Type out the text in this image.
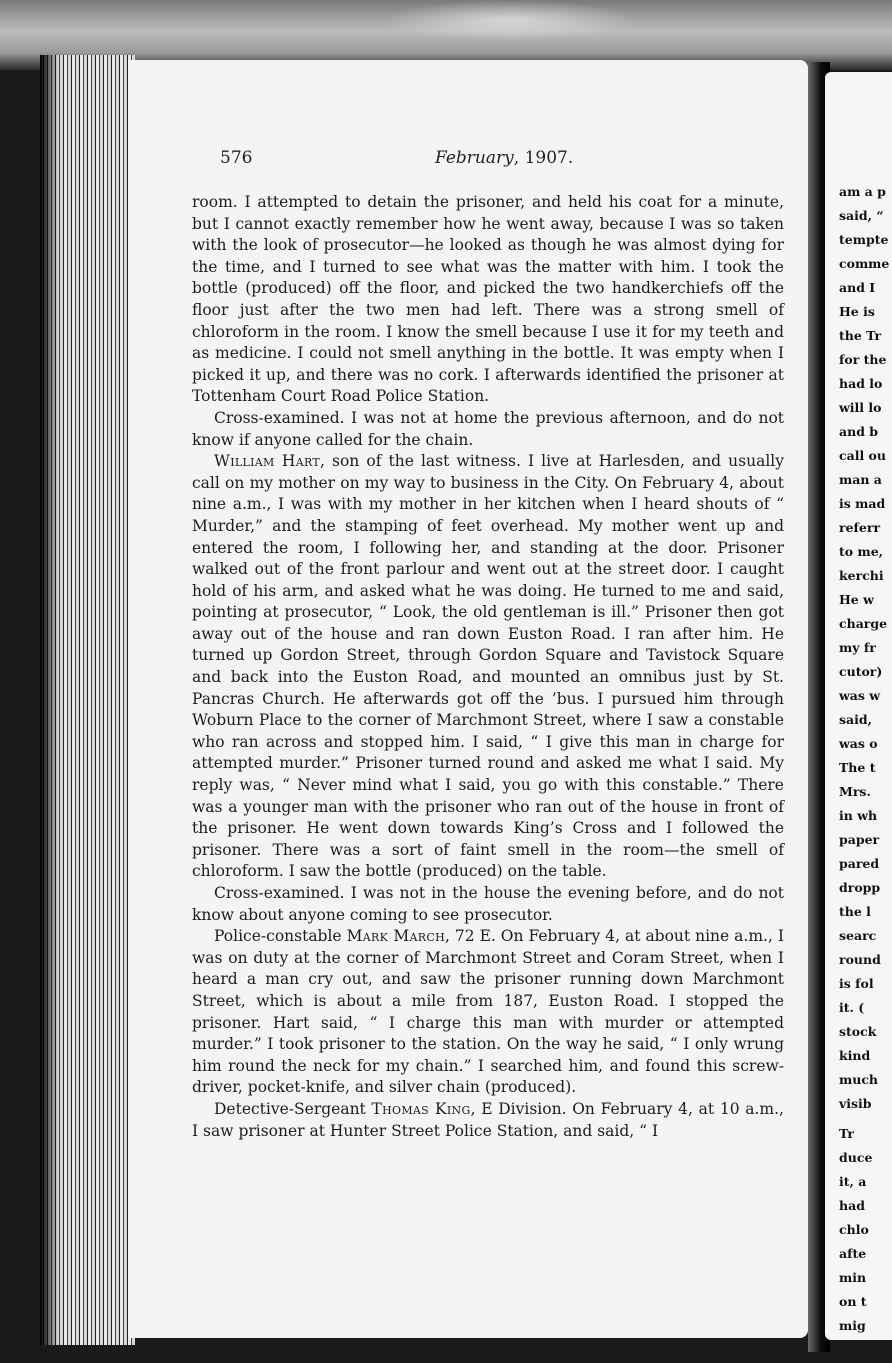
am a p
said, “
tempte
comme
and I
He is
the Tr
for the
had lo
will lo
and b
call ou
man a
is mad
referr
to me,
kerchi
He w
charge
my fr
cutor)
was w
said,
was o
The t
Mrs.
in wh
paper
pared
dropp
the l
searc
round
is fol
it. (
stock
kind
much
visib
Tr
duce
it, a
had
chlo
afte
min
on t
mig
576	February, 1907.

room. I attempted to detain the prisoner, and held his coat for a minute, but I cannot exactly remember how he went away, because I was so taken with the look of prosecutor—he looked as though he was almost dying for the time, and I turned to see what was the matter with him. I took the bottle (produced) off the floor, and picked the two handkerchiefs off the floor just after the two men had left. There was a strong smell of chloroform in the room. I know the smell because I use it for my teeth and as medicine. I could not smell anything in the bottle. It was empty when I picked it up, and there was no cork. I afterwards identified the prisoner at Tottenham Court Road Police Station.

Cross-examined. I was not at home the previous afternoon, and do not know if anyone called for the chain.

William Hart, son of the last witness. I live at Harlesden, and usually call on my mother on my way to business in the City. On February 4, about nine a.m., I was with my mother in her kitchen when I heard shouts of “ Murder,” and the stamping of feet overhead. My mother went up and entered the room, I following her, and standing at the door. Prisoner walked out of the front parlour and went out at the street door. I caught hold of his arm, and asked what he was doing. He turned to me and said, pointing at prosecutor, “ Look, the old gentleman is ill.” Prisoner then got away out of the house and ran down Euston Road. I ran after him. He turned up Gordon Street, through Gordon Square and Tavistock Square and back into the Euston Road, and mounted an omnibus just by St. Pancras Church. He afterwards got off the ’bus. I pursued him through Woburn Place to the corner of Marchmont Street, where I saw a constable who ran across and stopped him. I said, “ I give this man in charge for attempted murder.” Prisoner turned round and asked me what I said. My reply was, “ Never mind what I said, you go with this constable.” There was a younger man with the prisoner who ran out of the house in front of the prisoner. He went down towards King’s Cross and I followed the prisoner. There was a sort of faint smell in the room—the smell of chloroform. I saw the bottle (produced) on the table.

Cross-examined. I was not in the house the evening before, and do not know about anyone coming to see prosecutor.

Police-constable Mark March, 72 E. On February 4, at about nine a.m., I was on duty at the corner of Marchmont Street and Coram Street, when I heard a man cry out, and saw the prisoner running down Marchmont Street, which is about a mile from 187, Euston Road. I stopped the prisoner. Hart said, “ I charge this man with murder or attempted murder.” I took prisoner to the station. On the way he said, “ I only wrung him round the neck for my chain.” I searched him, and found this screw-driver, pocket-knife, and silver chain (produced).

Detective-Sergeant Thomas King, E Division. On February 4, at 10 a.m., I saw prisoner at Hunter Street Police Station, and said, “ I
